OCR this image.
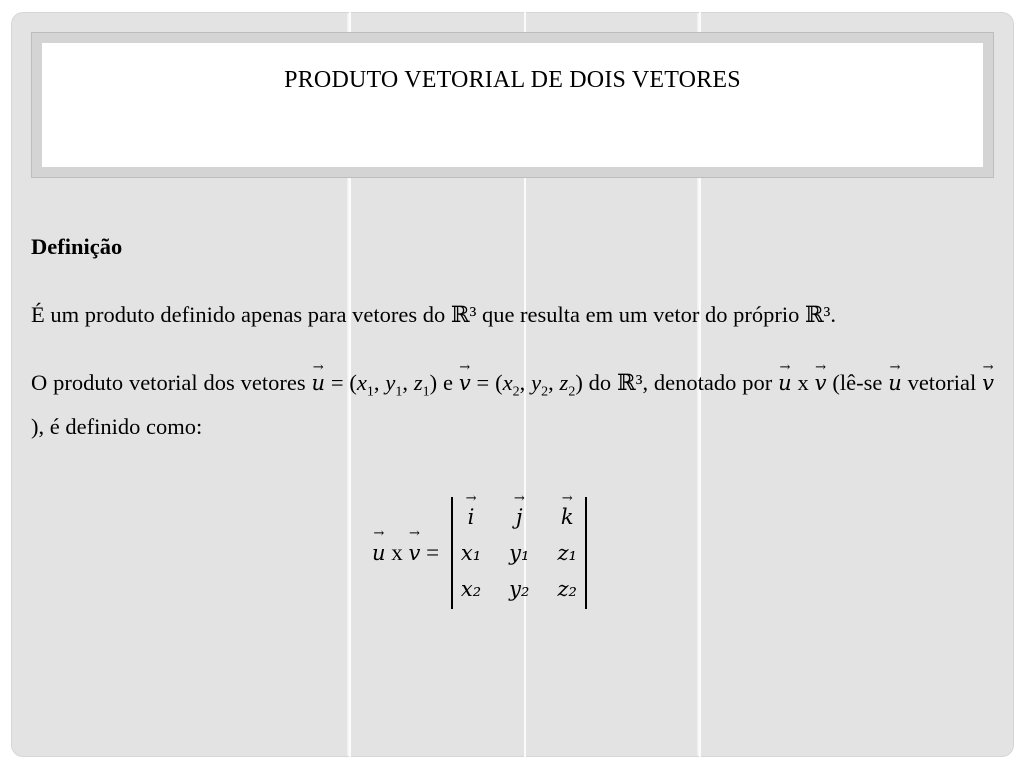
PRODUTO VETORIAL DE DOIS VETORES

Definição

É um produto definido apenas para vetores do ℝ³ que resulta em um vetor do próprio ℝ³.

O produto vetorial dos vetores → $u = (x_1$, $y_1$, $z_1$) $e \to v = (x_2$, $y_2$, $z_2$) do ℝ³, denotado por → u x → v (lê-se → u vetorial → v), é definido como:

→ u x → v =
→ i	→ j	→ k
x₁	y₁	z₁
x₂	y₂	z₂
